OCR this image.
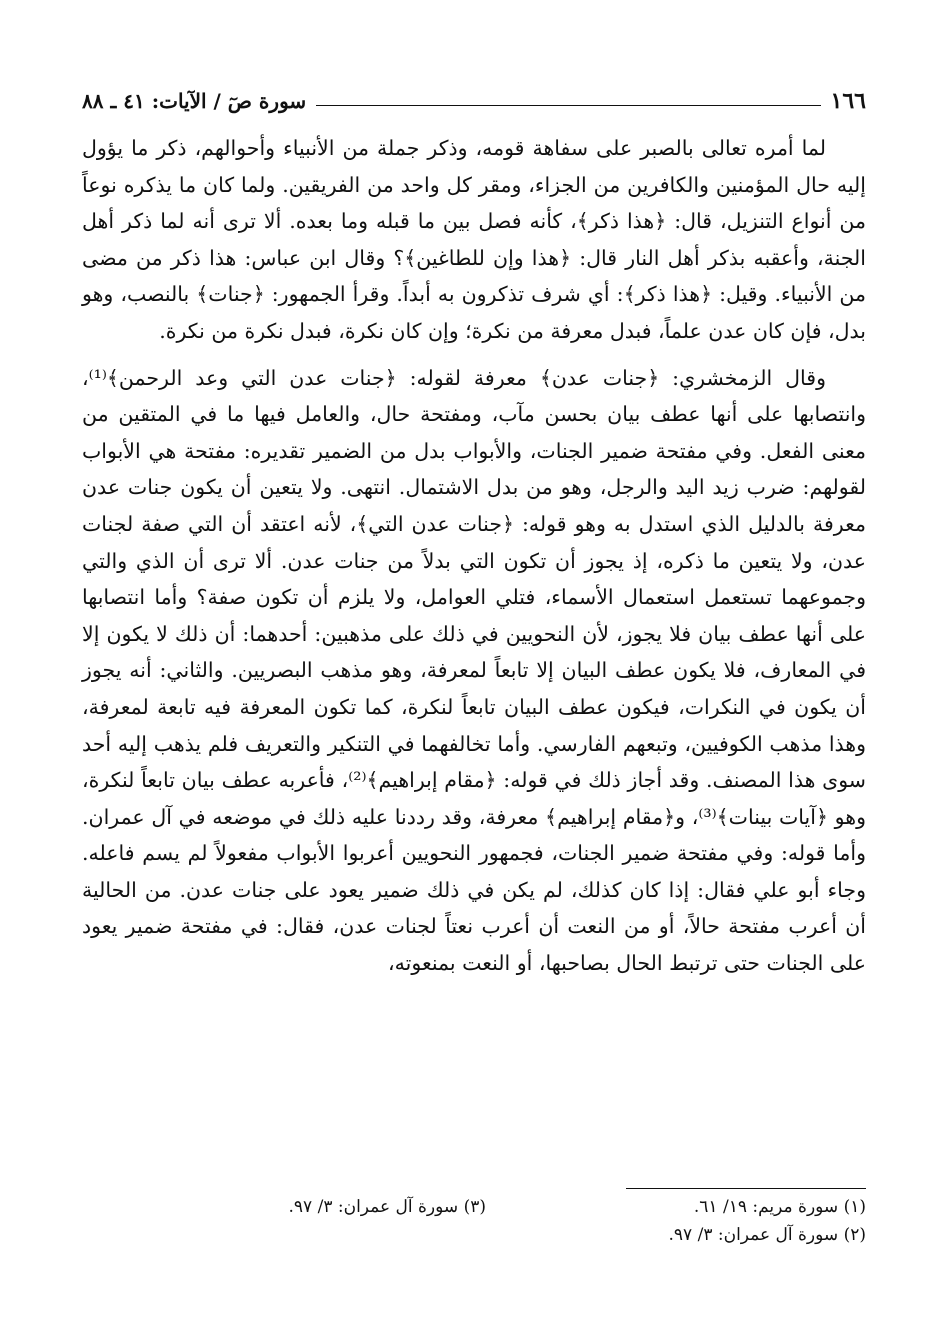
١٦٦
سورة صٓ / الآيات: ٤١ ـ ٨٨

لما أمره تعالى بالصبر على سفاهة قومه، وذكر جملة من الأنبياء وأحوالهم، ذكر ما يؤول إليه حال المؤمنين والكافرين من الجزاء، ومقر كل واحد من الفريقين. ولما كان ما يذكره نوعاً من أنواع التنزيل، قال: ﴿هذا ذكر﴾، كأنه فصل بين ما قبله وما بعده. ألا ترى أنه لما ذكر أهل الجنة، وأعقبه بذكر أهل النار قال: ﴿هذا وإن للطاغين﴾؟ وقال ابن عباس: هذا ذكر من مضى من الأنبياء. وقيل: ﴿هذا ذكر﴾: أي شرف تذكرون به أبداً. وقرأ الجمهور: ﴿جنات﴾ بالنصب، وهو بدل، فإن كان عدن علماً، فبدل معرفة من نكرة؛ وإن كان نكرة، فبدل نكرة من نكرة.

وقال الزمخشري: ﴿جنات عدن﴾ معرفة لقوله: ﴿جنات عدن التي وعد الرحمن﴾⁽¹⁾، وانتصابها على أنها عطف بيان بحسن مآب، ومفتحة حال، والعامل فيها ما في المتقين من معنى الفعل. وفي مفتحة ضمير الجنات، والأبواب بدل من الضمير تقديره: مفتحة هي الأبواب لقولهم: ضرب زيد اليد والرجل، وهو من بدل الاشتمال. انتهى. ولا يتعين أن يكون جنات عدن معرفة بالدليل الذي استدل به وهو قوله: ﴿جنات عدن التي﴾، لأنه اعتقد أن التي صفة لجنات عدن، ولا يتعين ما ذكره، إذ يجوز أن تكون التي بدلاً من جنات عدن. ألا ترى أن الذي والتي وجموعهما تستعمل استعمال الأسماء، فتلي العوامل، ولا يلزم أن تكون صفة؟ وأما انتصابها على أنها عطف بيان فلا يجوز، لأن النحويين في ذلك على مذهبين: أحدهما: أن ذلك لا يكون إلا في المعارف، فلا يكون عطف البيان إلا تابعاً لمعرفة، وهو مذهب البصريين. والثاني: أنه يجوز أن يكون في النكرات، فيكون عطف البيان تابعاً لنكرة، كما تكون المعرفة فيه تابعة لمعرفة، وهذا مذهب الكوفيين، وتبعهم الفارسي. وأما تخالفهما في التنكير والتعريف فلم يذهب إليه أحد سوى هذا المصنف. وقد أجاز ذلك في قوله: ﴿مقام إبراهيم﴾⁽²⁾، فأعربه عطف بيان تابعاً لنكرة، وهو ﴿آيات بينات﴾⁽³⁾، و﴿مقام إبراهيم﴾ معرفة، وقد رددنا عليه ذلك في موضعه في آل عمران. وأما قوله: وفي مفتحة ضمير الجنات، فجمهور النحويين أعربوا الأبواب مفعولاً لم يسم فاعله. وجاء أبو علي فقال: إذا كان كذلك، لم يكن في ذلك ضمير يعود على جنات عدن. من الحالية أن أعرب مفتحة حالاً، أو من النعت أن أعرب نعتاً لجنات عدن، فقال: في مفتحة ضمير يعود على الجنات حتى ترتبط الحال بصاحبها، أو النعت بمنعوته،

(١) سورة مريم: ١٩/ ٦١.
(٣) سورة آل عمران: ٣/ ٩٧.
(٢) سورة آل عمران: ٣/ ٩٧.
